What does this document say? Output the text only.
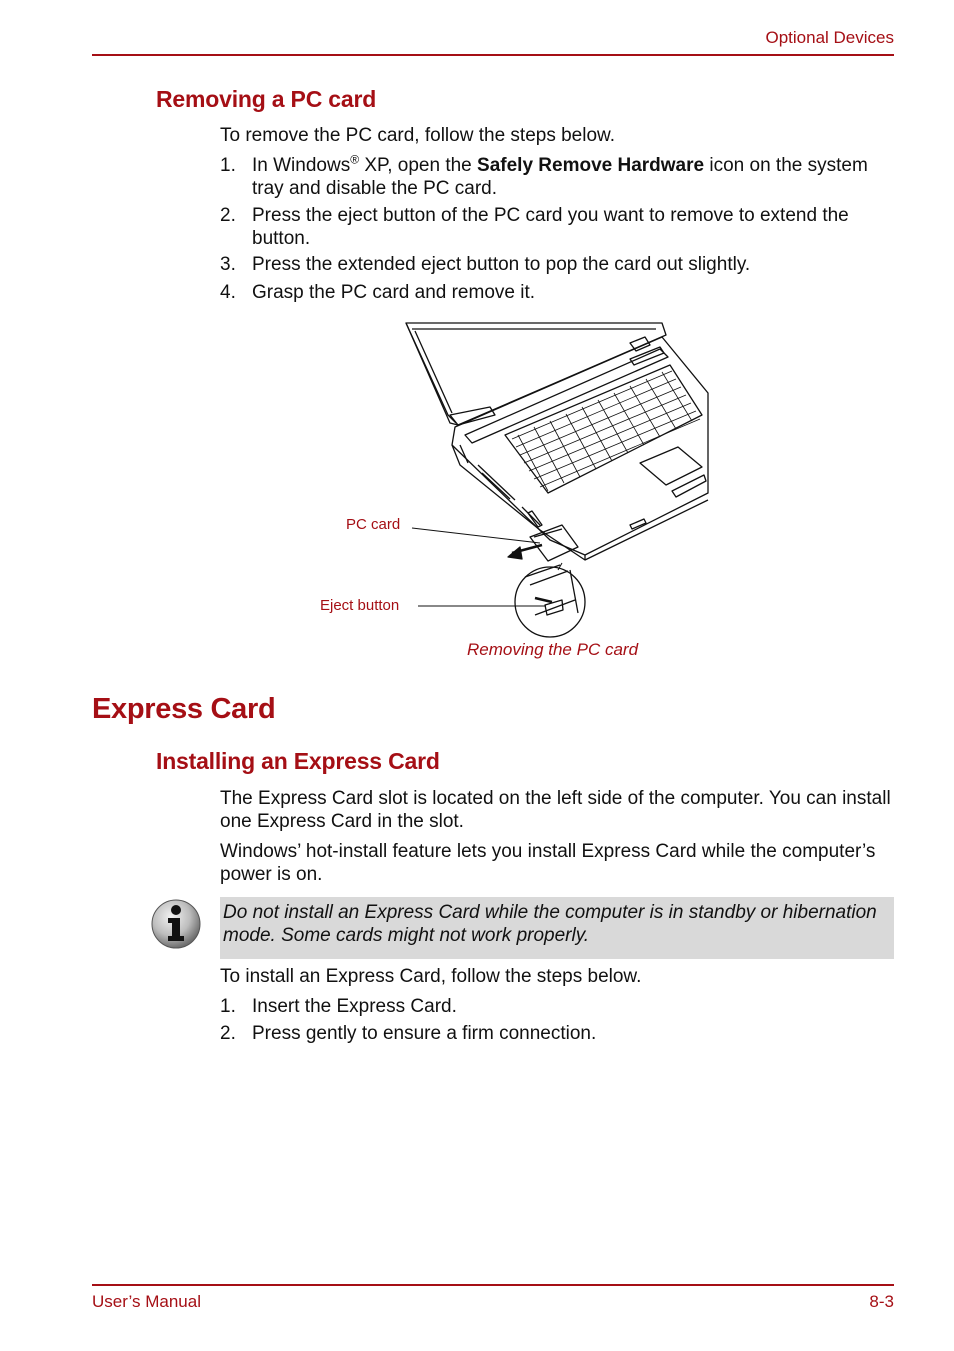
Optional Devices
Removing a PC card
To remove the PC card, follow the steps below.
1. In Windows® XP, open the Safely Remove Hardware icon on the system tray and disable the PC card.
2. Press the eject button of the PC card you want to remove to extend the button.
3. Press the extended eject button to pop the card out slightly.
4. Grasp the PC card and remove it.
PC card
Eject button
Removing the PC card
Express Card
Installing an Express Card
The Express Card slot is located on the left side of the computer. You can install one Express Card in the slot.
Windows’ hot-install feature lets you install Express Card while the computer’s power is on.
Do not install an Express Card while the computer is in standby or hibernation mode. Some cards might not work properly.
To install an Express Card, follow the steps below.
1. Insert the Express Card.
2. Press gently to ensure a firm connection.
User’s Manual	8-3
